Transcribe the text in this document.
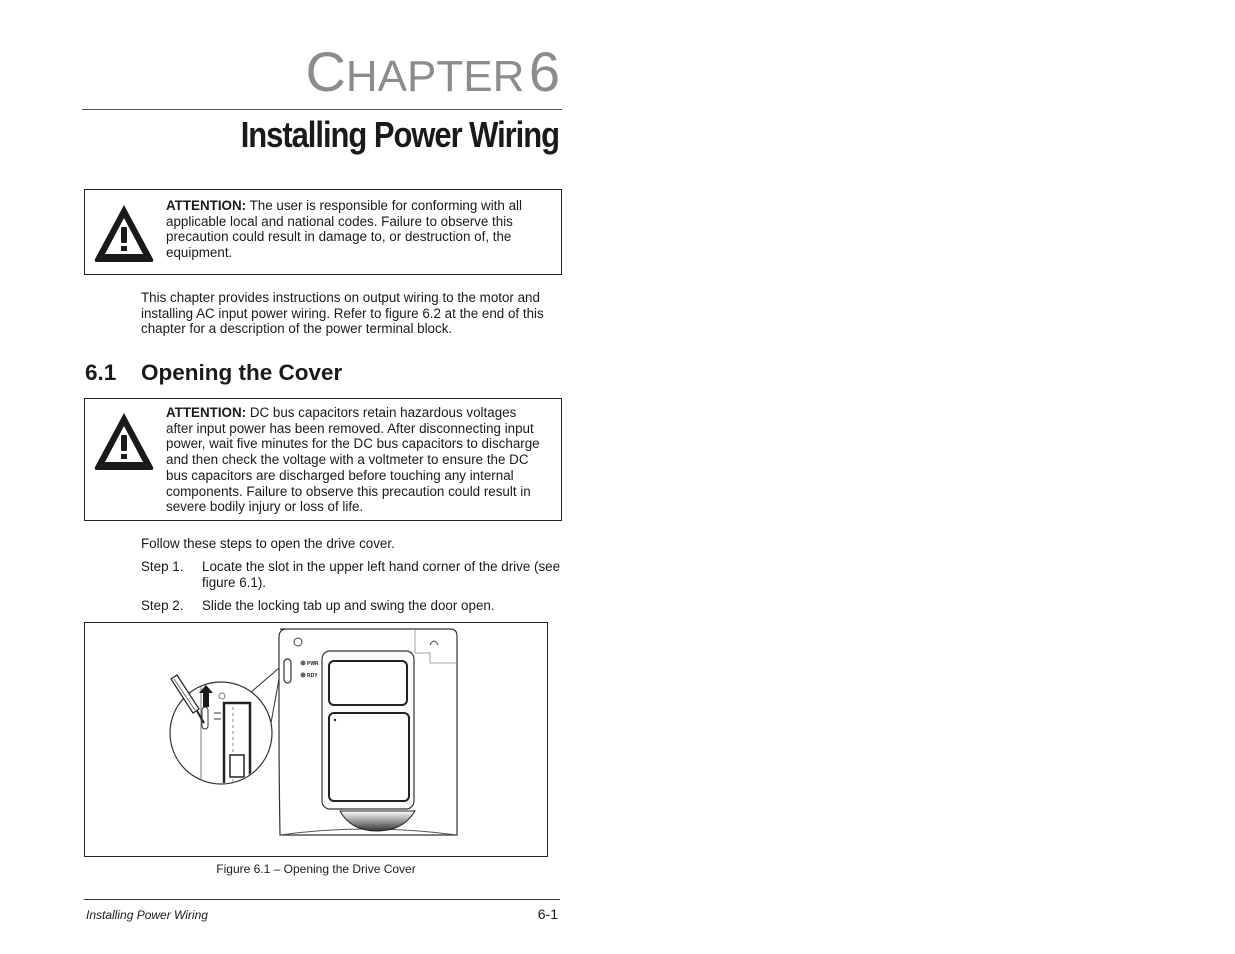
CHAPTER 6
Installing Power Wiring
ATTENTION: The user is responsible for conforming with all applicable local and national codes. Failure to observe this precaution could result in damage to, or destruction of, the equipment.
This chapter provides instructions on output wiring to the motor and installing AC input power wiring. Refer to figure 6.2 at the end of this chapter for a description of the power terminal block.
6.1 Opening the Cover
ATTENTION: DC bus capacitors retain hazardous voltages after input power has been removed. After disconnecting input power, wait five minutes for the DC bus capacitors to discharge and then check the voltage with a voltmeter to ensure the DC bus capacitors are discharged before touching any internal components. Failure to observe this precaution could result in severe bodily injury or loss of life.
Follow these steps to open the drive cover.
Step 1. Locate the slot in the upper left hand corner of the drive (see figure 6.1).
Step 2. Slide the locking tab up and swing the door open.
PWR
RDY
Figure 6.1 – Opening the Drive Cover
Installing Power Wiring	6-1
